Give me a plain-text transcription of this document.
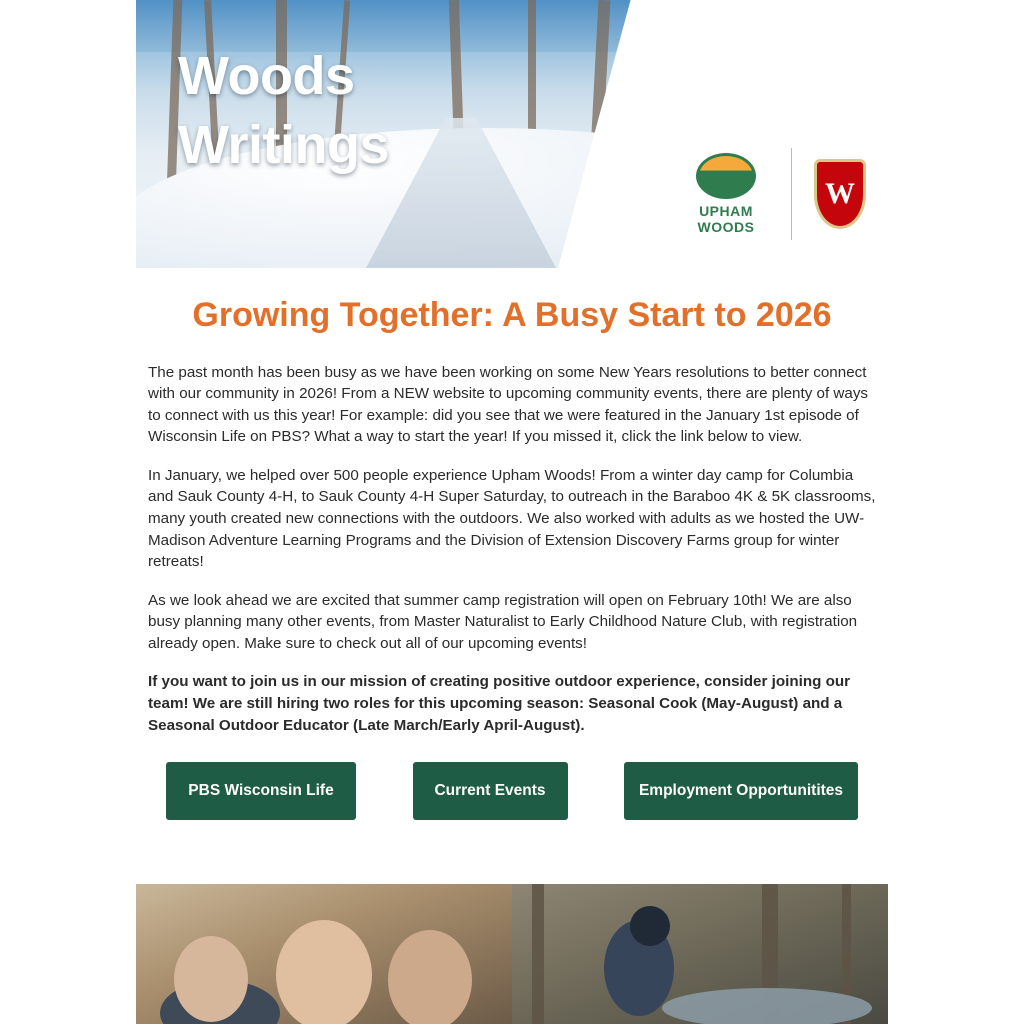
Woods
Writings
UPHAM
WOODS
W
Growing Together: A Busy Start to 2026

The past month has been busy as we have been working on some New Years resolutions to better connect with our community in 2026! From a NEW website to upcoming community events, there are plenty of ways to connect with us this year! For example: did you see that we were featured in the January 1st episode of Wisconsin Life on PBS? What a way to start the year! If you missed it, click the link below to view.

In January, we helped over 500 people experience Upham Woods! From a winter day camp for Columbia and Sauk County 4-H, to Sauk County 4-H Super Saturday, to outreach in the Baraboo 4K & 5K classrooms, many youth created new connections with the outdoors. We also worked with adults as we hosted the UW-Madison Adventure Learning Programs and the Division of Extension Discovery Farms group for winter retreats!

As we look ahead we are excited that summer camp registration will open on February 10th! We are also busy planning many other events, from Master Naturalist to Early Childhood Nature Club, with registration already open. Make sure to check out all of our upcoming events!

If you want to join us in our mission of creating positive outdoor experience, consider joining our team! We are still hiring two roles for this upcoming season: Seasonal Cook (May-August) and a Seasonal Outdoor Educator (Late March/Early April-August).

PBS Wisconsin Life	Current Events	Employment Opportunitites
